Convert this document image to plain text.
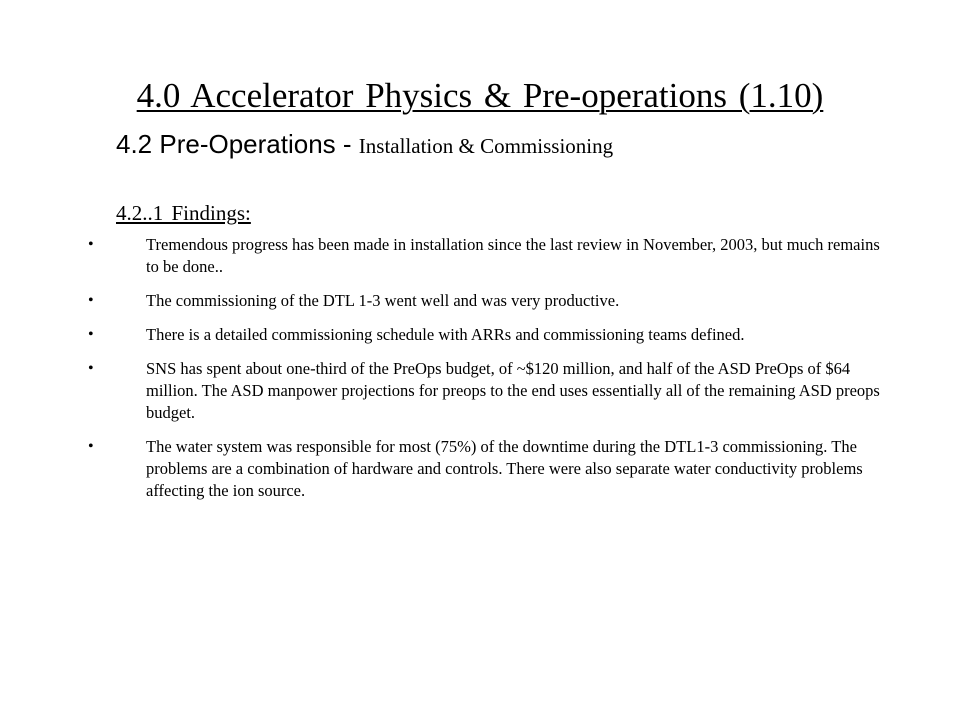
4.0 Accelerator Physics & Pre-operations (1.10)
4.2 Pre-Operations - Installation & Commissioning
4.2..1 Findings:
•	Tremendous progress has been made in installation since the last review in November, 2003, but much remains to be done..
•	The commissioning of the DTL 1-3 went well and was very productive.
•	There is a detailed commissioning schedule with ARRs and commissioning teams defined.
•	SNS has spent about one-third of the PreOps budget, of ~$120 million, and half of the ASD PreOps of $64 million. The ASD manpower projections for preops to the end uses essentially all of the remaining ASD preops budget.
•	The water system was responsible for most (75%) of the downtime during the DTL1-3 commissioning. The problems are a combination of hardware and controls. There were also separate water conductivity problems affecting the ion source.
